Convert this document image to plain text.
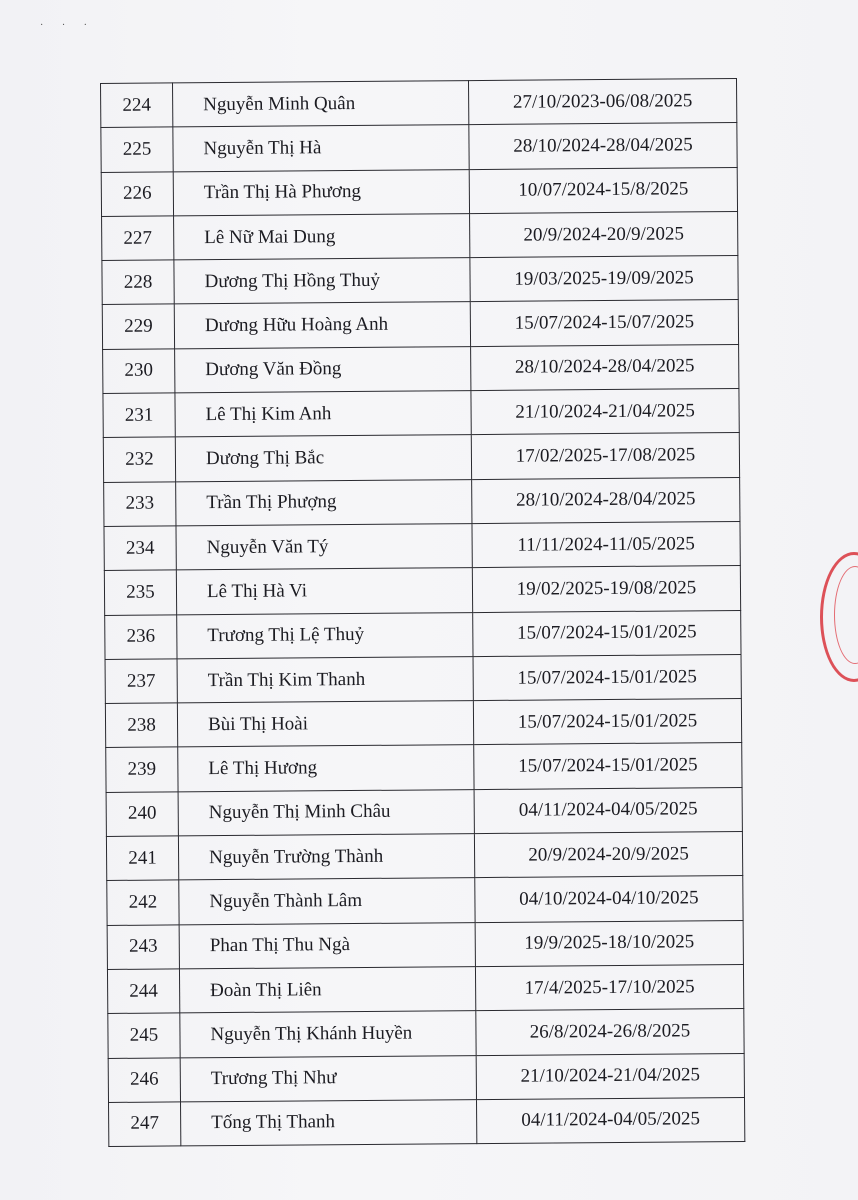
· · ·
224	Nguyễn Minh Quân	27/10/2023-06/08/2025
225	Nguyễn Thị Hà	28/10/2024-28/04/2025
226	Trần Thị Hà Phương	10/07/2024-15/8/2025
227	Lê Nữ Mai Dung	20/9/2024-20/9/2025
228	Dương Thị Hồng Thuỷ	19/03/2025-19/09/2025
229	Dương Hữu Hoàng Anh	15/07/2024-15/07/2025
230	Dương Văn Đồng	28/10/2024-28/04/2025
231	Lê Thị Kim Anh	21/10/2024-21/04/2025
232	Dương Thị Bắc	17/02/2025-17/08/2025
233	Trần Thị Phượng	28/10/2024-28/04/2025
234	Nguyễn Văn Tý	11/11/2024-11/05/2025
235	Lê Thị Hà Vi	19/02/2025-19/08/2025
236	Trương Thị Lệ Thuỷ	15/07/2024-15/01/2025
237	Trần Thị Kim Thanh	15/07/2024-15/01/2025
238	Bùi Thị Hoài	15/07/2024-15/01/2025
239	Lê Thị Hương	15/07/2024-15/01/2025
240	Nguyễn Thị Minh Châu	04/11/2024-04/05/2025
241	Nguyễn Trường Thành	20/9/2024-20/9/2025
242	Nguyễn Thành Lâm	04/10/2024-04/10/2025
243	Phan Thị Thu Ngà	19/9/2025-18/10/2025
244	Đoàn Thị Liên	17/4/2025-17/10/2025
245	Nguyễn Thị Khánh Huyền	26/8/2024-26/8/2025
246	Trương Thị Như	21/10/2024-21/04/2025
247	Tống Thị Thanh	04/11/2024-04/05/2025
